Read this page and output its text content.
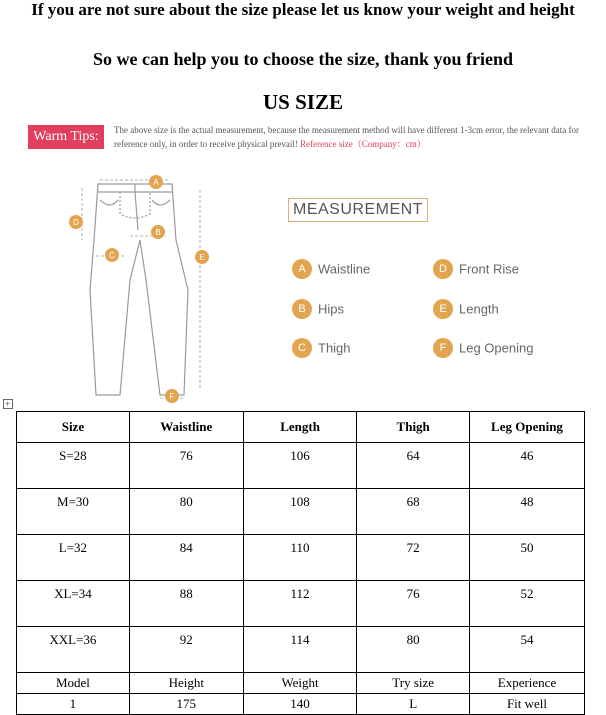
If you are not sure about the size please let us know your weight and height
So we can help you to choose the size, thank you friend
US SIZE
Warm Tips:	The above size is the actual measurement, because the measurement method will have different 1-3cm error, the relevant data for reference only, in order to receive physical prevail! Reference size（Company：cm）
A
B
C
D
E
F
MEASUREMENT
A Waistline
B Hips
C Thigh
D Front Rise
E Length
F Leg Opening
+
Size	Waistline	Length	Thigh	Leg Opening
S=28	76	106	64	46
M=30	80	108	68	48
L=32	84	110	72	50
XL=34	88	112	76	52
XXL=36	92	114	80	54
Model	Height	Weight	Try size	Experience
1	175	140	L	Fit well
